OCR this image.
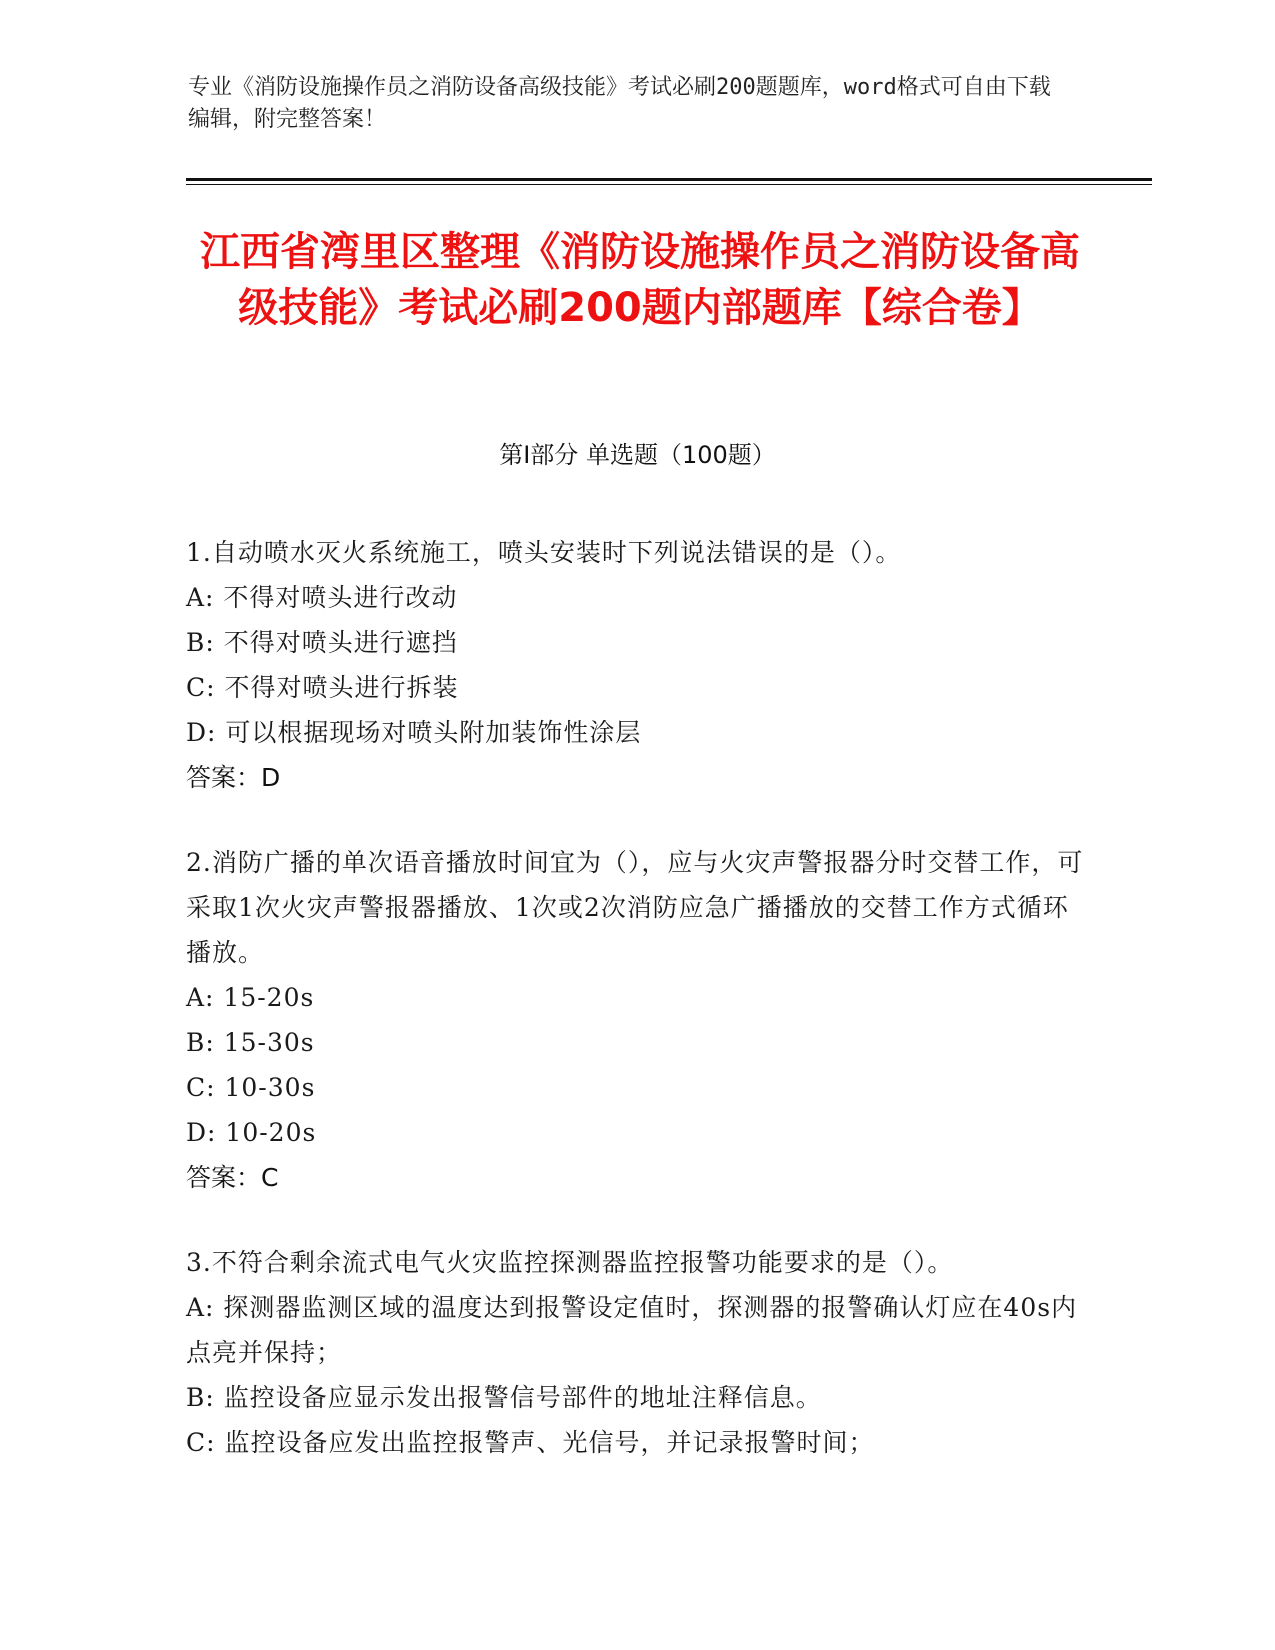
专业《消防设施操作员之消防设备高级技能》考试必刷200题题库，word格式可自由下载编辑，附完整答案！
江西省湾里区整理《消防设施操作员之消防设备高级技能》考试必刷200题内部题库【综合卷】
第Ⅰ部分 单选题（100题）
1.自动喷水灭火系统施工，喷头安装时下列说法错误的是（）。
A: 不得对喷头进行改动
B: 不得对喷头进行遮挡
C: 不得对喷头进行拆装
D: 可以根据现场对喷头附加装饰性涂层
答案：D
2.消防广播的单次语音播放时间宜为（），应与火灾声警报器分时交替工作，可采取1次火灾声警报器播放、1次或2次消防应急广播播放的交替工作方式循环播放。
A: 15-20s
B: 15-30s
C: 10-30s
D: 10-20s
答案：C
3.不符合剩余流式电气火灾监控探测器监控报警功能要求的是（）。
A: 探测器监测区域的温度达到报警设定值时，探测器的报警确认灯应在40s内点亮并保持；
B: 监控设备应显示发出报警信号部件的地址注释信息。
C: 监控设备应发出监控报警声、光信号，并记录报警时间；
